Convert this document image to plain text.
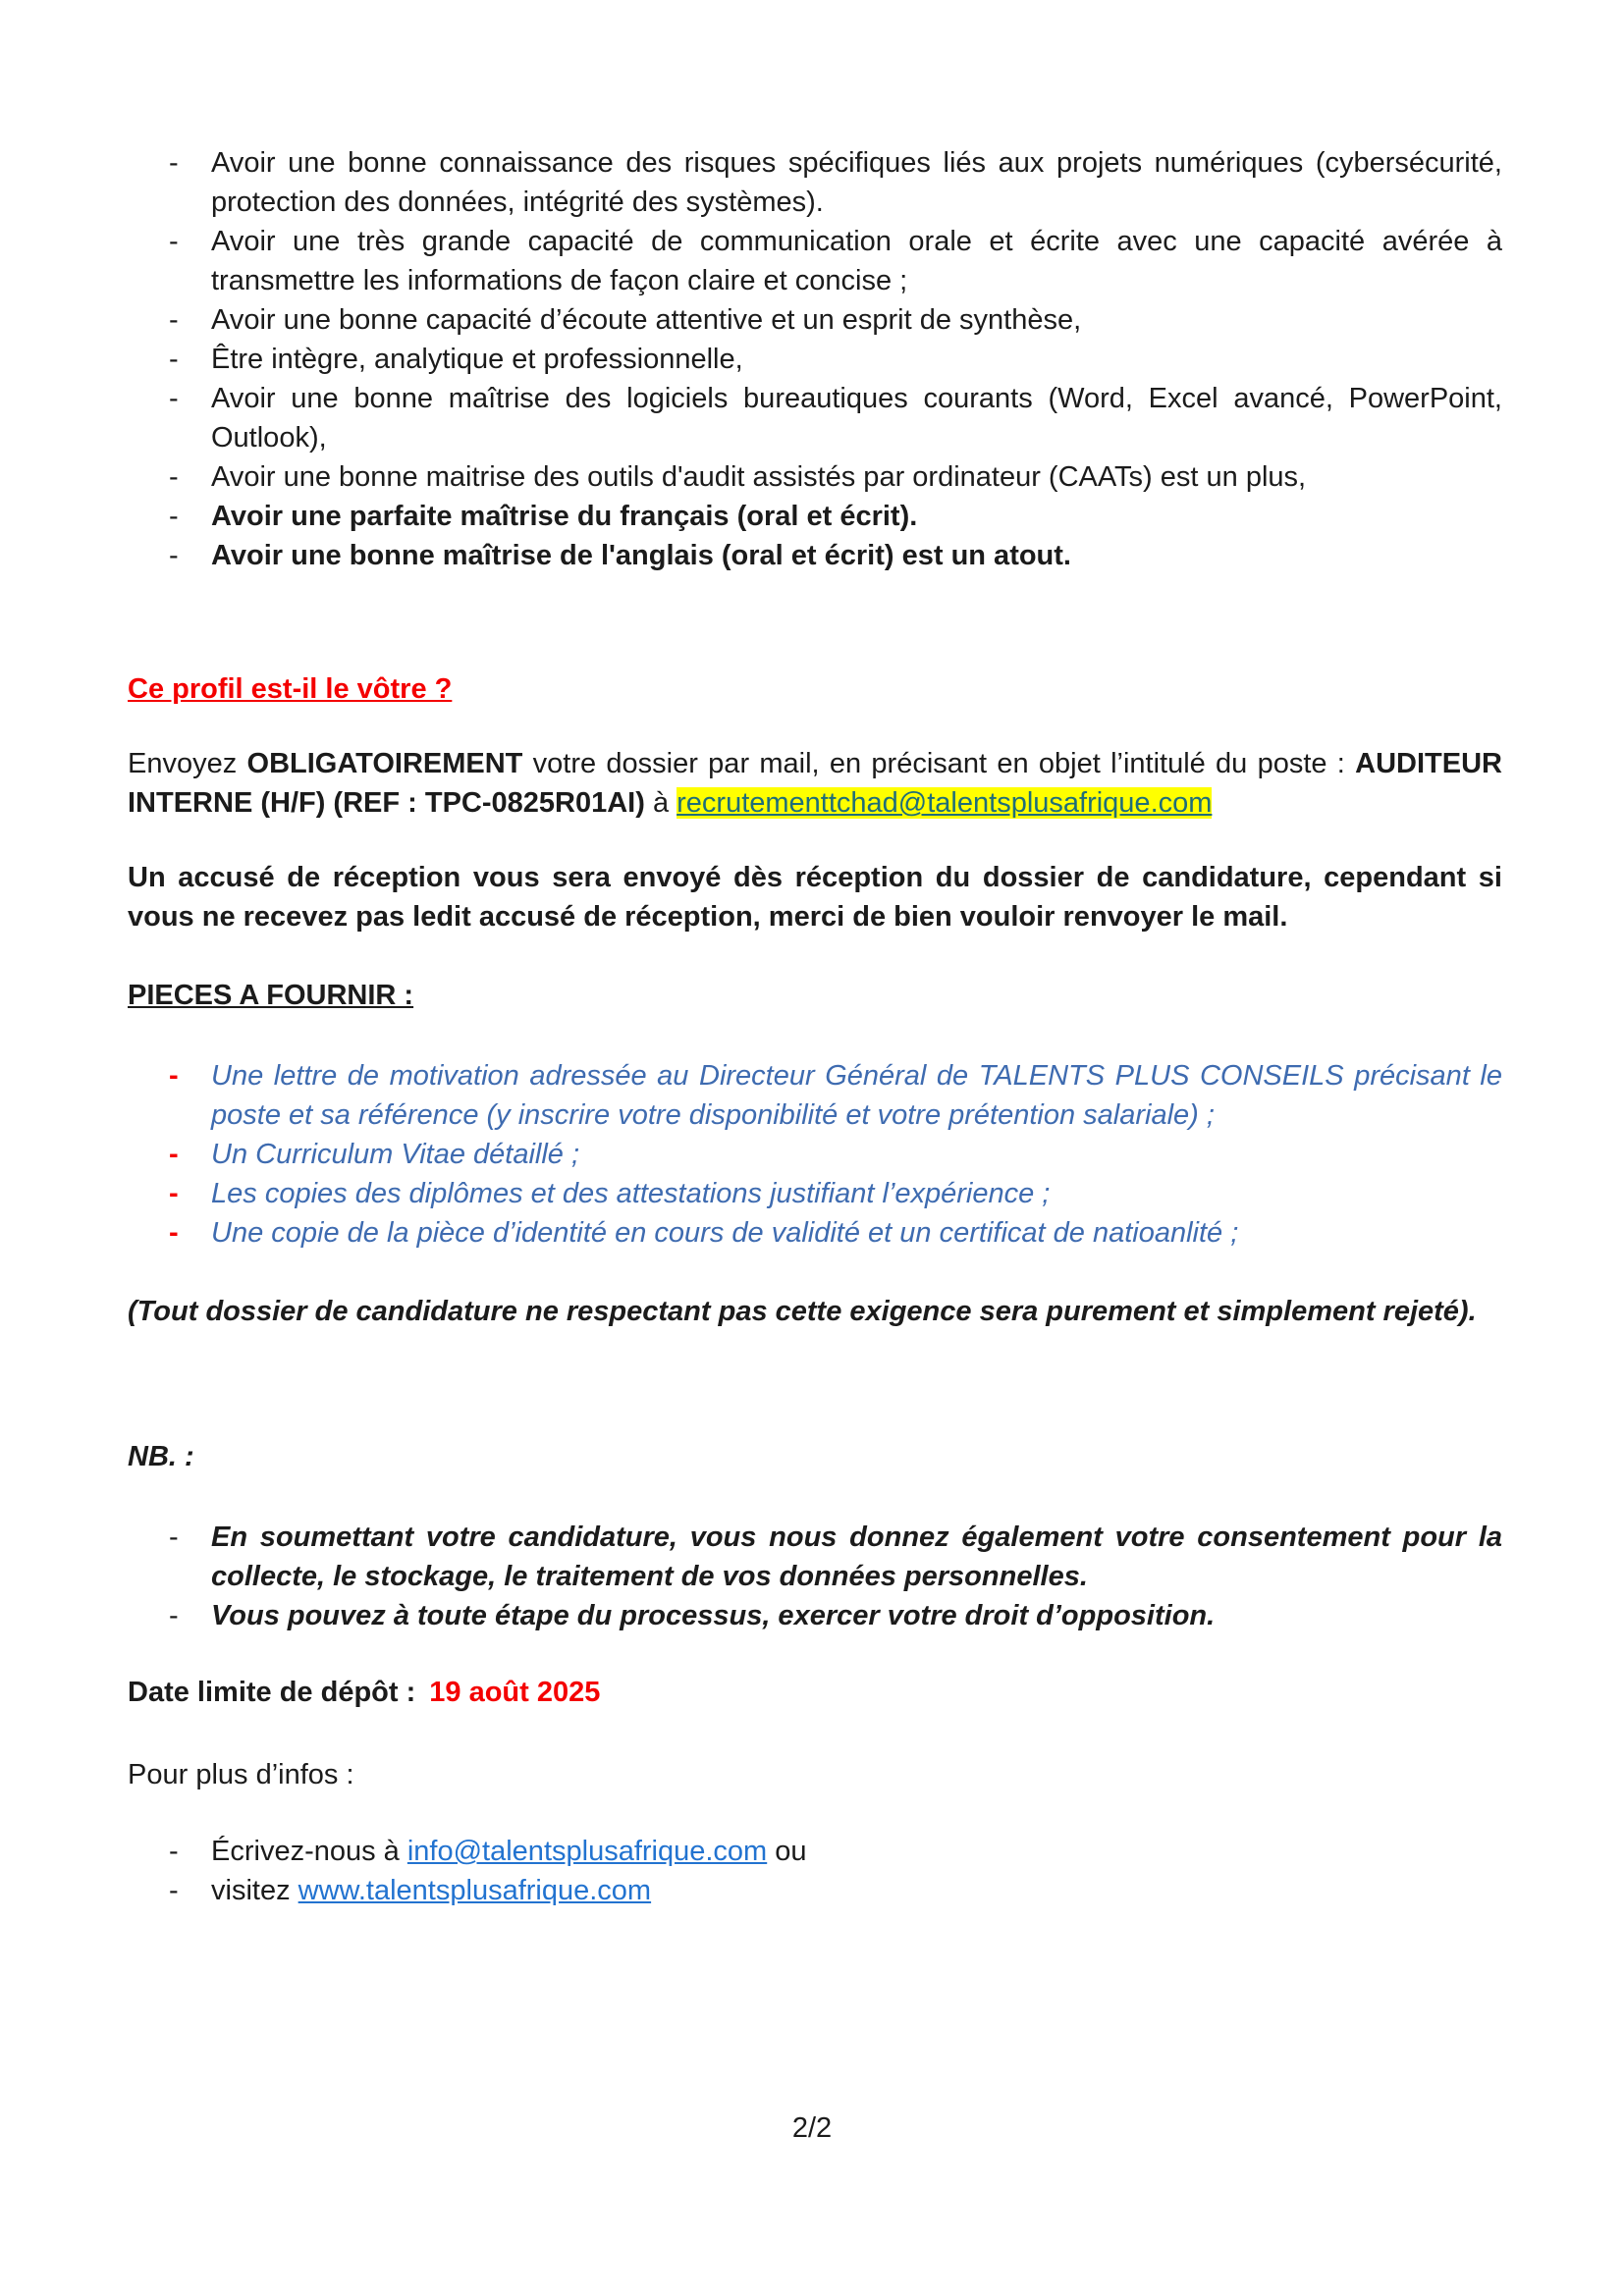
-	Avoir une bonne connaissance des risques spécifiques liés aux projets numériques (cybersécurité, protection des données, intégrité des systèmes).
-	Avoir une très grande capacité de communication orale et écrite avec une capacité avérée à transmettre les informations de façon claire et concise ;
-	Avoir une bonne capacité d’écoute attentive et un esprit de synthèse,
-	Être intègre, analytique et professionnelle,
-	Avoir une bonne maîtrise des logiciels bureautiques courants (Word, Excel avancé, PowerPoint, Outlook),
-	Avoir une bonne maitrise des outils d'audit assistés par ordinateur (CAATs) est un plus,
-	Avoir une parfaite maîtrise du français (oral et écrit).
-	Avoir une bonne maîtrise de l'anglais (oral et écrit) est un atout.
Ce profil est-il le vôtre ?
Envoyez OBLIGATOIREMENT votre dossier par mail, en précisant en objet l’intitulé du poste : AUDITEUR INTERNE (H/F) (REF : TPC-0825R01AI) à recrutementtchad@talentsplusafrique.com
Un accusé de réception vous sera envoyé dès réception du dossier de candidature, cependant si vous ne recevez pas ledit accusé de réception, merci de bien vouloir renvoyer le mail.
PIECES A FOURNIR :
-	Une lettre de motivation adressée au Directeur Général de TALENTS PLUS CONSEILS précisant le poste et sa référence (y inscrire votre disponibilité et votre prétention salariale) ;
-	Un Curriculum Vitae détaillé ;
-	Les copies des diplômes et des attestations justifiant l’expérience ;
-	Une copie de la pièce d’identité en cours de validité et un certificat de natioanlité ;
(Tout dossier de candidature ne respectant pas cette exigence sera purement et simplement rejeté).
NB. :
-	En soumettant votre candidature, vous nous donnez également votre consentement pour la collecte, le stockage, le traitement de vos données personnelles.
-	Vous pouvez à toute étape du processus, exercer votre droit d’opposition.
Date limite de dépôt : 19 août 2025
Pour plus d’infos :
-	Écrivez-nous à info@talentsplusafrique.com ou
-	visitez www.talentsplusafrique.com
2/2
